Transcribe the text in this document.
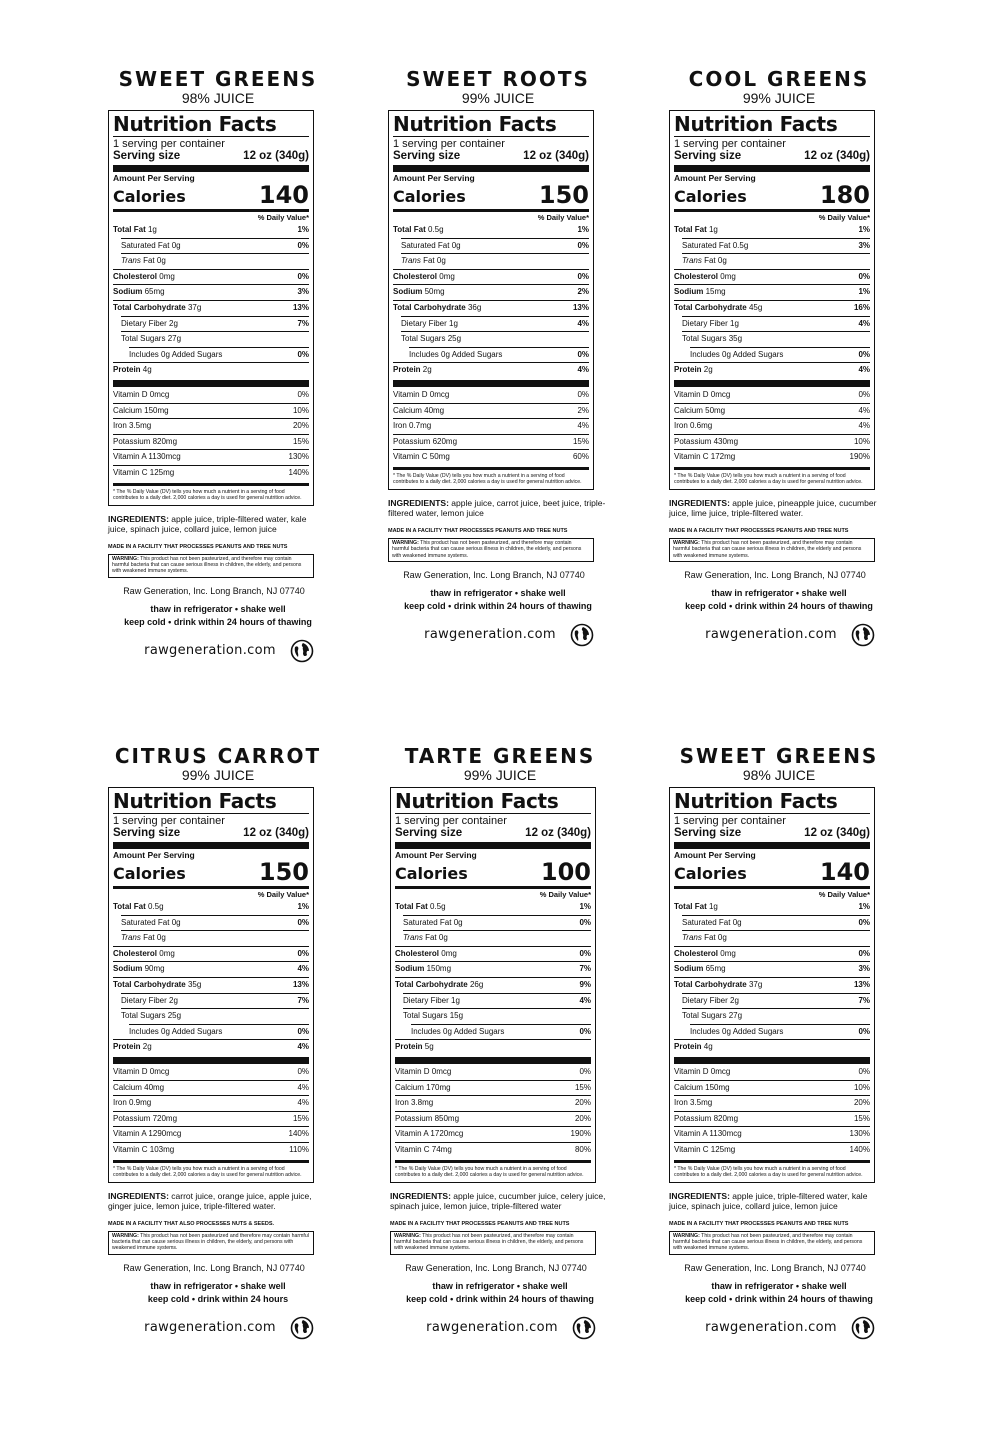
SWEET GREENS
98% JUICE
Nutrition Facts
1 serving per container
Serving size	12 oz (340g)
Amount Per Serving
Calories	140
% Daily Value*
Total Fat 1g	1%
Saturated Fat 0g	0%
Trans Fat 0g
Cholesterol 0mg	0%
Sodium 65mg	3%
Total Carbohydrate 37g	13%
Dietary Fiber 2g	7%
Total Sugars 27g
Includes 0g Added Sugars	0%
Protein 4g
Vitamin D 0mcg	0%
Calcium 150mg	10%
Iron 3.5mg	20%
Potassium 820mg	15%
Vitamin A 1130mcg	130%
Vitamin C 125mg	140%
* The % Daily Value (DV) tells you how much a nutrient in a serving of food contributes to a daily diet. 2,000 calories a day is used for general nutrition advice.
INGREDIENTS: apple juice, triple-filtered water, kale juice, spinach juice, collard juice, lemon juice
MADE IN A FACILITY THAT PROCESSES PEANUTS AND TREE NUTS
WARNING: This product has not been pasteurized, and therefore may contain harmful bacteria that can cause serious illness in children, the elderly, and persons with weakened immune systems.
Raw Generation, Inc. Long Branch, NJ 07740
thaw in refrigerator • shake well
keep cold • drink within 24 hours of thawing
rawgeneration.com
SWEET ROOTS
99% JUICE
Nutrition Facts
1 serving per container
Serving size	12 oz (340g)
Amount Per Serving
Calories	150
% Daily Value*
Total Fat 0.5g	1%
Saturated Fat 0g	0%
Trans Fat 0g
Cholesterol 0mg	0%
Sodium 50mg	2%
Total Carbohydrate 36g	13%
Dietary Fiber 1g	4%
Total Sugars 25g
Includes 0g Added Sugars	0%
Protein 2g	4%
Vitamin D 0mcg	0%
Calcium 40mg	2%
Iron 0.7mg	4%
Potassium 620mg	15%
Vitamin C 50mg	60%
* The % Daily Value (DV) tells you how much a nutrient in a serving of food contributes to a daily diet. 2,000 calories a day is used for general nutrition advice.
INGREDIENTS: apple juice, carrot juice, beet juice, triple-filtered water, lemon juice
MADE IN A FACILITY THAT PROCESSES PEANUTS AND TREE NUTS
WARNING: This product has not been pasteurized, and therefore may contain harmful bacteria that can cause serious illness in children, the elderly, and persons with weakened immune systems.
Raw Generation, Inc. Long Branch, NJ 07740
thaw in refrigerator • shake well
keep cold • drink within 24 hours of thawing
rawgeneration.com
COOL GREENS
99% JUICE
Nutrition Facts
1 serving per container
Serving size	12 oz (340g)
Amount Per Serving
Calories	180
% Daily Value*
Total Fat 1g	1%
Saturated Fat 0.5g	3%
Trans Fat 0g
Cholesterol 0mg	0%
Sodium 15mg	1%
Total Carbohydrate 45g	16%
Dietary Fiber 1g	4%
Total Sugars 35g
Includes 0g Added Sugars	0%
Protein 2g	4%
Vitamin D 0mcg	0%
Calcium 50mg	4%
Iron 0.6mg	4%
Potassium 430mg	10%
Vitamin C 172mg	190%
* The % Daily Value (DV) tells you how much a nutrient in a serving of food contributes to a daily diet. 2,000 calories a day is used for general nutrition advice.
INGREDIENTS: apple juice, pineapple juice, cucumber juice, lime juice, triple-filtered water.
MADE IN A FACILITY THAT PROCESSES PEANUTS AND TREE NUTS
WARNING: This product has not been pasteurized, and therefore may contain harmful bacteria that can cause serious illness in children, the elderly and persons with weakened immune systems.
Raw Generation, Inc. Long Branch, NJ 07740
thaw in refrigerator • shake well
keep cold • drink within 24 hours of thawing
rawgeneration.com
CITRUS CARROT
99% JUICE
Nutrition Facts
1 serving per container
Serving size	12 oz (340g)
Amount Per Serving
Calories	150
% Daily Value*
Total Fat 0.5g	1%
Saturated Fat 0g	0%
Trans Fat 0g
Cholesterol 0mg	0%
Sodium 90mg	4%
Total Carbohydrate 35g	13%
Dietary Fiber 2g	7%
Total Sugars 25g
Includes 0g Added Sugars	0%
Protein 2g	4%
Vitamin D 0mcg	0%
Calcium 40mg	4%
Iron 0.9mg	4%
Potassium 720mg	15%
Vitamin A 1290mcg	140%
Vitamin C 103mg	110%
* The % Daily Value (DV) tells you how much a nutrient in a serving of food contributes to a daily diet. 2,000 calories a day is used for general nutrition advice.
INGREDIENTS: carrot juice, orange juice, apple juice, ginger juice, lemon juice, triple-filtered water.
MADE IN A FACILITY THAT ALSO PROCESSES NUTS & SEEDS.
WARNING: This product has not been pasteurized and therefore may contain harmful bacteria that can cause serious illness in children, the elderly, and persons with weakened immune systems.
Raw Generation, Inc. Long Branch, NJ 07740
thaw in refrigerator • shake well
keep cold • drink within 24 hours
rawgeneration.com
TARTE GREENS
99% JUICE
Nutrition Facts
1 serving per container
Serving size	12 oz (340g)
Amount Per Serving
Calories	100
% Daily Value*
Total Fat 0.5g	1%
Saturated Fat 0g	0%
Trans Fat 0g
Cholesterol 0mg	0%
Sodium 150mg	7%
Total Carbohydrate 26g	9%
Dietary Fiber 1g	4%
Total Sugars 15g
Includes 0g Added Sugars	0%
Protein 5g
Vitamin D 0mcg	0%
Calcium 170mg	15%
Iron 3.8mg	20%
Potassium 850mg	20%
Vitamin A 1720mcg	190%
Vitamin C 74mg	80%
* The % Daily Value (DV) tells you how much a nutrient in a serving of food contributes to a daily diet. 2,000 calories a day is used for general nutrition advice.
INGREDIENTS: apple juice, cucumber juice, celery juice, spinach juice, lemon juice, triple-filtered water
MADE IN A FACILITY THAT PROCESSES PEANUTS AND TREE NUTS
WARNING: This product has not been pasteurized, and therefore may contain harmful bacteria that can cause serious illness in children, the elderly, and persons with weakened immune systems.
Raw Generation, Inc. Long Branch, NJ 07740
thaw in refrigerator • shake well
keep cold • drink within 24 hours of thawing
rawgeneration.com
SWEET GREENS
98% JUICE
Nutrition Facts
1 serving per container
Serving size	12 oz (340g)
Amount Per Serving
Calories	140
% Daily Value*
Total Fat 1g	1%
Saturated Fat 0g	0%
Trans Fat 0g
Cholesterol 0mg	0%
Sodium 65mg	3%
Total Carbohydrate 37g	13%
Dietary Fiber 2g	7%
Total Sugars 27g
Includes 0g Added Sugars	0%
Protein 4g
Vitamin D 0mcg	0%
Calcium 150mg	10%
Iron 3.5mg	20%
Potassium 820mg	15%
Vitamin A 1130mcg	130%
Vitamin C 125mg	140%
* The % Daily Value (DV) tells you how much a nutrient in a serving of food contributes to a daily diet. 2,000 calories a day is used for general nutrition advice.
INGREDIENTS: apple juice, triple-filtered water, kale juice, spinach juice, collard juice, lemon juice
MADE IN A FACILITY THAT PROCESSES PEANUTS AND TREE NUTS
WARNING: This product has not been pasteurized, and therefore may contain harmful bacteria that can cause serious illness in children, the elderly, and persons with weakened immune systems.
Raw Generation, Inc. Long Branch, NJ 07740
thaw in refrigerator • shake well
keep cold • drink within 24 hours of thawing
rawgeneration.com
